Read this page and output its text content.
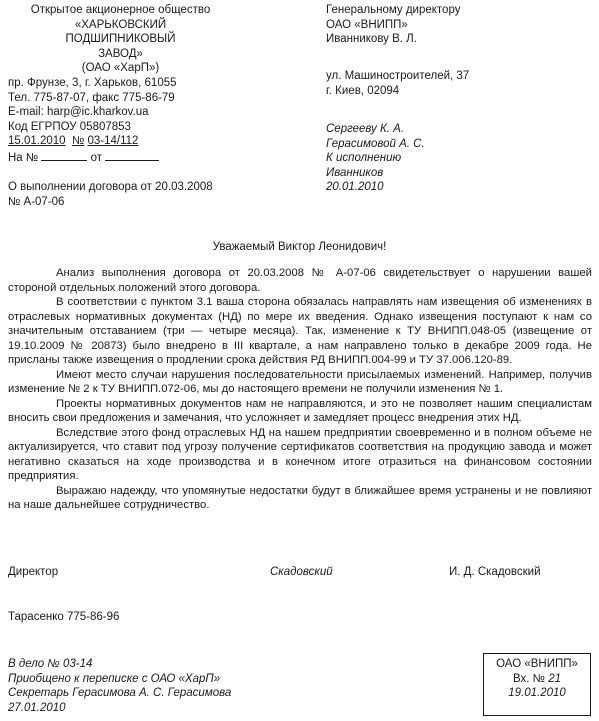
Открытое акционерное общество
«ХАРЬКОВСКИЙ
ПОДШИПНИКОВЫЙ
ЗАВОД»
(ОАО «ХарП»)
пр. Фрунзе, 3, г. Харьков, 61055
Тел. 775-87-07, факс 775-86-79
E-mail: harp@ic.kharkov.ua
Код ЕГРПОУ 05807853
15.01.2010 № 03-14/112
На №	от
О выполнении договора от 20.03.2008
№ А-07-06
Генеральному директору
ОАО «ВНИПП»
Иванникову В. Л.
ул. Машиностроителей, 37
г. Киев, 02094
Сергееву К. А.
Герасимовой А. С.
К исполнению
Иванников
20.01.2010
Уважаемый Виктор Леонидович!

Анализ выполнения договора от 20.03.2008 № А-07-06 свидетельствует о нарушении вашей стороной отдельных положений этого договора.

В соответствии с пунктом 3.1 ваша сторона обязалась направлять нам извещения об изменениях в отраслевых нормативных документах (НД) по мере их введения. Однако извещения поступают к нам со значительным отставанием (три — четыре месяца). Так, изменение к ТУ ВНИПП.048-05 (извещение от 19.10.2009 № 20873) было внедрено в III квартале, а нам направлено только в декабре 2009 года. Не присланы также извещения о продлении срока действия РД ВНИПП.004-99 и ТУ 37.006.120-89.

Имеют место случаи нарушения последовательности присылаемых изменений. Например, получив изменение № 2 к ТУ ВНИПП.072-06, мы до настоящего времени не получили изменения № 1.

Проекты нормативных документов нам не направляются, и это не позволяет нашим специалистам вносить свои предложения и замечания, что усложняет и замедляет процесс внедрения этих НД.

Вследствие этого фонд отраслевых НД на нашем предприятии своевременно и в полном объеме не актуализируется, что ставит под угрозу получение сертификатов соответствия на продукцию завода и может негативно сказаться на ходе производства и в конечном итоге отразиться на финансовом состоянии предприятия.

Выражаю надежду, что упомянутые недостатки будут в ближайшее время устранены и не повлияют на наше дальнейшее сотрудничество.

Директор	Скадовский	И. Д. Скадовский
Тарасенко 775-86-96
В дело № 03-14
Приобщено к переписке с ОАО «ХарП»
Секретарь Герасимова А. С. Герасимова
27.01.2010
ОАО «ВНИПП»
Вх. № 21
19.01.2010
